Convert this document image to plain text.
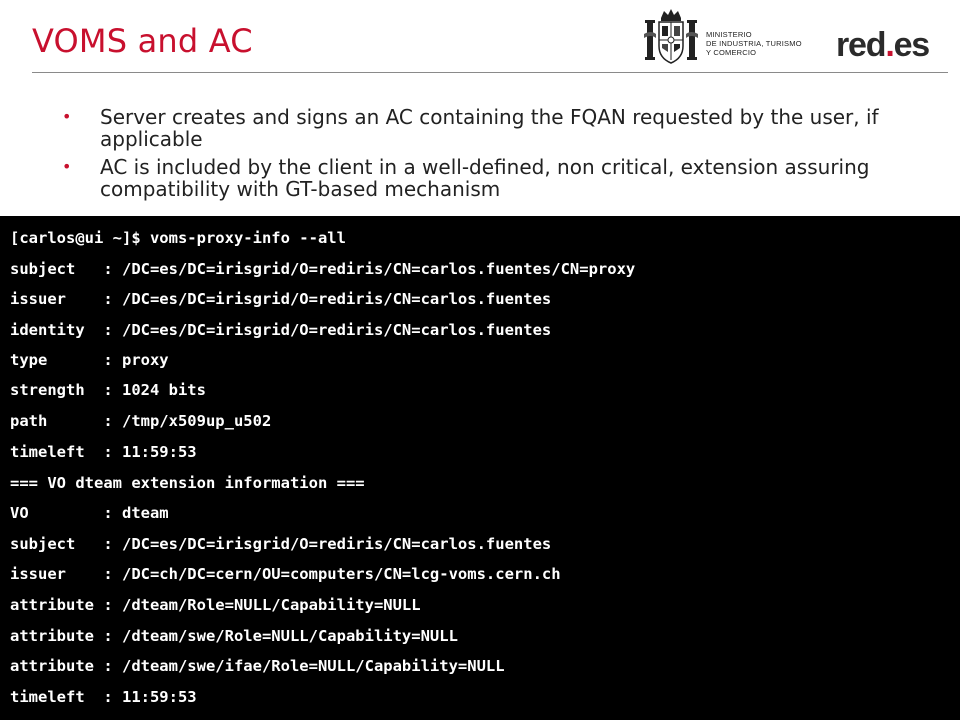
VOMS and AC	MINISTERIO
DE INDUSTRIA, TURISMO
Y COMERCIO	red.es
• Server creates and signs an AC containing the FQAN requested by the user, if applicable
• AC is included by the client in a well-defined, non critical, extension assuring compatibility with GT-based mechanism
[carlos@ui ~]$ voms-proxy-info --all
subject   : /DC=es/DC=irisgrid/O=rediris/CN=carlos.fuentes/CN=proxy
issuer    : /DC=es/DC=irisgrid/O=rediris/CN=carlos.fuentes
identity  : /DC=es/DC=irisgrid/O=rediris/CN=carlos.fuentes
type      : proxy
strength  : 1024 bits
path      : /tmp/x509up_u502
timeleft  : 11:59:53
=== VO dteam extension information ===
VO        : dteam
subject   : /DC=es/DC=irisgrid/O=rediris/CN=carlos.fuentes
issuer    : /DC=ch/DC=cern/OU=computers/CN=lcg-voms.cern.ch
attribute : /dteam/Role=NULL/Capability=NULL
attribute : /dteam/swe/Role=NULL/Capability=NULL
attribute : /dteam/swe/ifae/Role=NULL/Capability=NULL
timeleft  : 11:59:53
